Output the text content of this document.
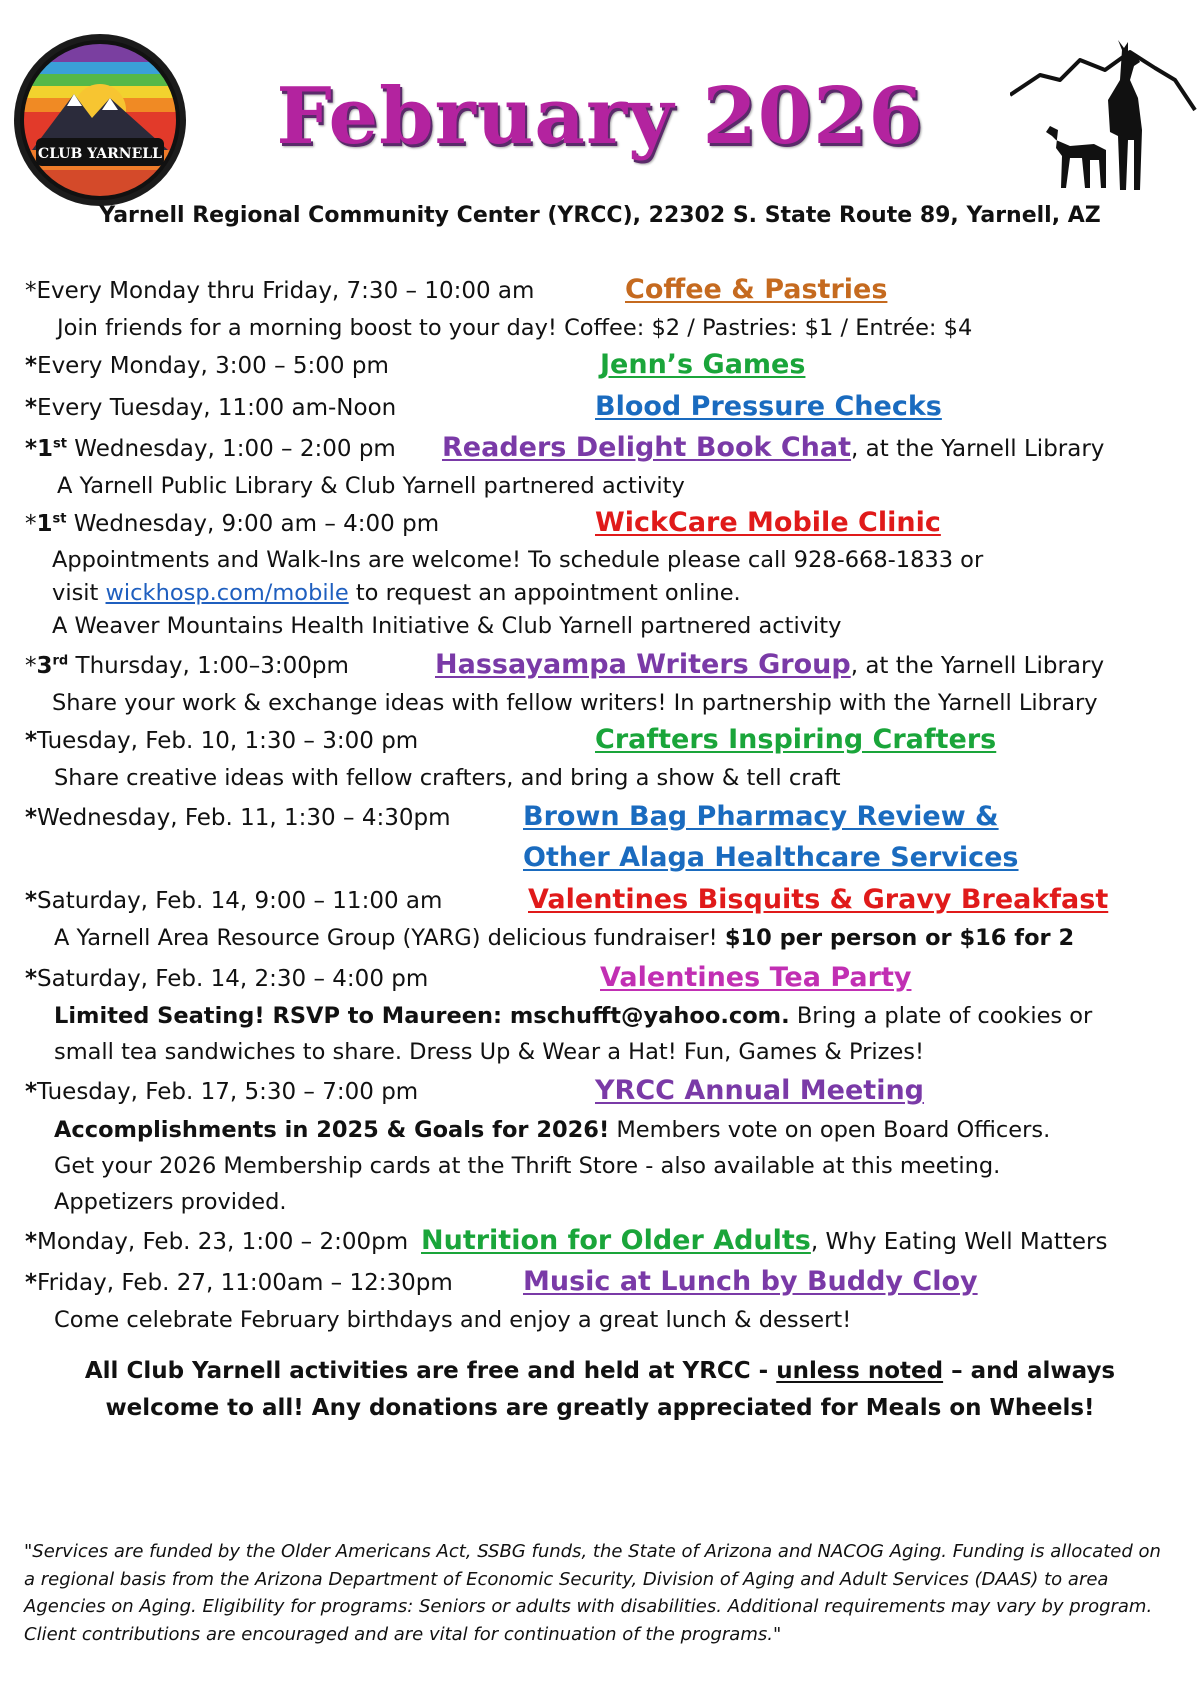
CLUB YARNELL	February 2026
Yarnell Regional Community Center (YRCC), 22302 S. State Route 89, Yarnell, AZ
*Every Monday thru Friday, 7:30 – 10:00 am	Coffee & Pastries
Join friends for a morning boost to your day! Coffee: $2 / Pastries: $1 / Entrée: $4
*Every Monday, 3:00 – 5:00 pm	Jenn’s Games
*Every Tuesday, 11:00 am-Noon	Blood Pressure Checks
*1st Wednesday, 1:00 – 2:00 pm Readers Delight Book Chat, at the Yarnell Library
A Yarnell Public Library & Club Yarnell partnered activity
*1st Wednesday, 9:00 am – 4:00 pm	WickCare Mobile Clinic
Appointments and Walk-Ins are welcome! To schedule please call 928-668-1833 or
visit wickhosp.com/mobile to request an appointment online.
A Weaver Mountains Health Initiative & Club Yarnell partnered activity
*3rd Thursday, 1:00–3:00pm	Hassayampa Writers Group, at the Yarnell Library
Share your work & exchange ideas with fellow writers! In partnership with the Yarnell Library
*Tuesday, Feb. 10, 1:30 – 3:00 pm	Crafters Inspiring Crafters
Share creative ideas with fellow crafters, and bring a show & tell craft
*Wednesday, Feb. 11, 1:30 – 4:30pm	Brown Bag Pharmacy Review &
Other Alaga Healthcare Services
*Saturday, Feb. 14, 9:00 – 11:00 am	Valentines Bisquits & Gravy Breakfast
A Yarnell Area Resource Group (YARG) delicious fundraiser! $10 per person or $16 for 2
*Saturday, Feb. 14, 2:30 – 4:00 pm	Valentines Tea Party
Limited Seating! RSVP to Maureen: mschufft@yahoo.com. Bring a plate of cookies or
small tea sandwiches to share. Dress Up & Wear a Hat! Fun, Games & Prizes!
*Tuesday, Feb. 17, 5:30 – 7:00 pm	YRCC Annual Meeting
Accomplishments in 2025 & Goals for 2026! Members vote on open Board Officers.
Get your 2026 Membership cards at the Thrift Store - also available at this meeting.
Appetizers provided.
*Monday, Feb. 23, 1:00 – 2:00pm Nutrition for Older Adults, Why Eating Well Matters
*Friday, Feb. 27, 11:00am – 12:30pm	Music at Lunch by Buddy Cloy
Come celebrate February birthdays and enjoy a great lunch & dessert!
All Club Yarnell activities are free and held at YRCC - unless noted – and always
welcome to all! Any donations are greatly appreciated for Meals on Wheels!
"Services are funded by the Older Americans Act, SSBG funds, the State of Arizona and NACOG Aging. Funding is allocated on a regional basis from the Arizona Department of Economic Security, Division of Aging and Adult Services (DAAS) to area Agencies on Aging. Eligibility for programs: Seniors or adults with disabilities. Additional requirements may vary by program. Client contributions are encouraged and are vital for continuation of the programs."
